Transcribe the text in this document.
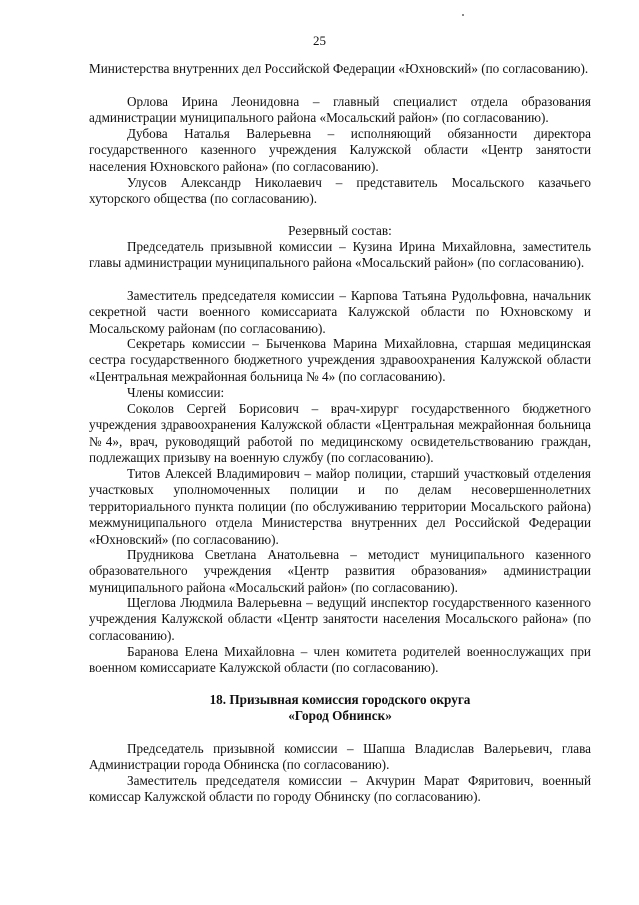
25

Министерства внутренних дел Российской Федерации «Юхновский» (по согласованию).

Орлова Ирина Леонидовна – главный специалист отдела образования администрации муниципального района «Мосальский район» (по согласованию).

Дубова Наталья Валерьевна – исполняющий обязанности директора государственного казенного учреждения Калужской области «Центр занятости населения Юхновского района» (по согласованию).

Улусов Александр Николаевич – представитель Мосальского казачьего хуторского общества (по согласованию).

Резервный состав:

Председатель призывной комиссии – Кузина Ирина Михайловна, заместитель главы администрации муниципального района «Мосальский район» (по согласованию).

Заместитель председателя комиссии – Карпова Татьяна Рудольфовна, начальник секретной части военного комиссариата Калужской области по Юхновскому и Мосальскому районам (по согласованию).

Секретарь комиссии – Быченкова Марина Михайловна, старшая медицинская сестра государственного бюджетного учреждения здравоохранения Калужской области «Центральная межрайонная больница № 4» (по согласованию).

Члены комиссии:

Соколов Сергей Борисович – врач-хирург государственного бюджетного учреждения здравоохранения Калужской области «Центральная межрайонная больница №4», врач, руководящий работой по медицинскому освидетельствованию граждан, подлежащих призыву на военную службу (по согласованию).

Титов Алексей Владимирович – майор полиции, старший участковый отделения участковых уполномоченных полиции и по делам несовершеннолетних территориального пункта полиции (по обслуживанию территории Мосальского района) межмуниципального отдела Министерства внутренних дел Российской Федерации «Юхновский» (по согласованию).

Прудникова Светлана Анатольевна – методист муниципального казенного образовательного учреждения «Центр развития образования» администрации муниципального района «Мосальский район» (по согласованию).

Щеглова Людмила Валерьевна – ведущий инспектор государственного казенного учреждения Калужской области «Центр занятости населения Мосальского района» (по согласованию).

Баранова Елена Михайловна – член комитета родителей военнослужащих при военном комиссариате Калужской области (по согласованию).

18. Призывная комиссия городского округа

«Город Обнинск»

Председатель призывной комиссии – Шапша Владислав Валерьевич, глава Администрации города Обнинска (по согласованию).

Заместитель председателя комиссии – Акчурин Марат Фяритович, военный комиссар Калужской области по городу Обнинску (по согласованию).
